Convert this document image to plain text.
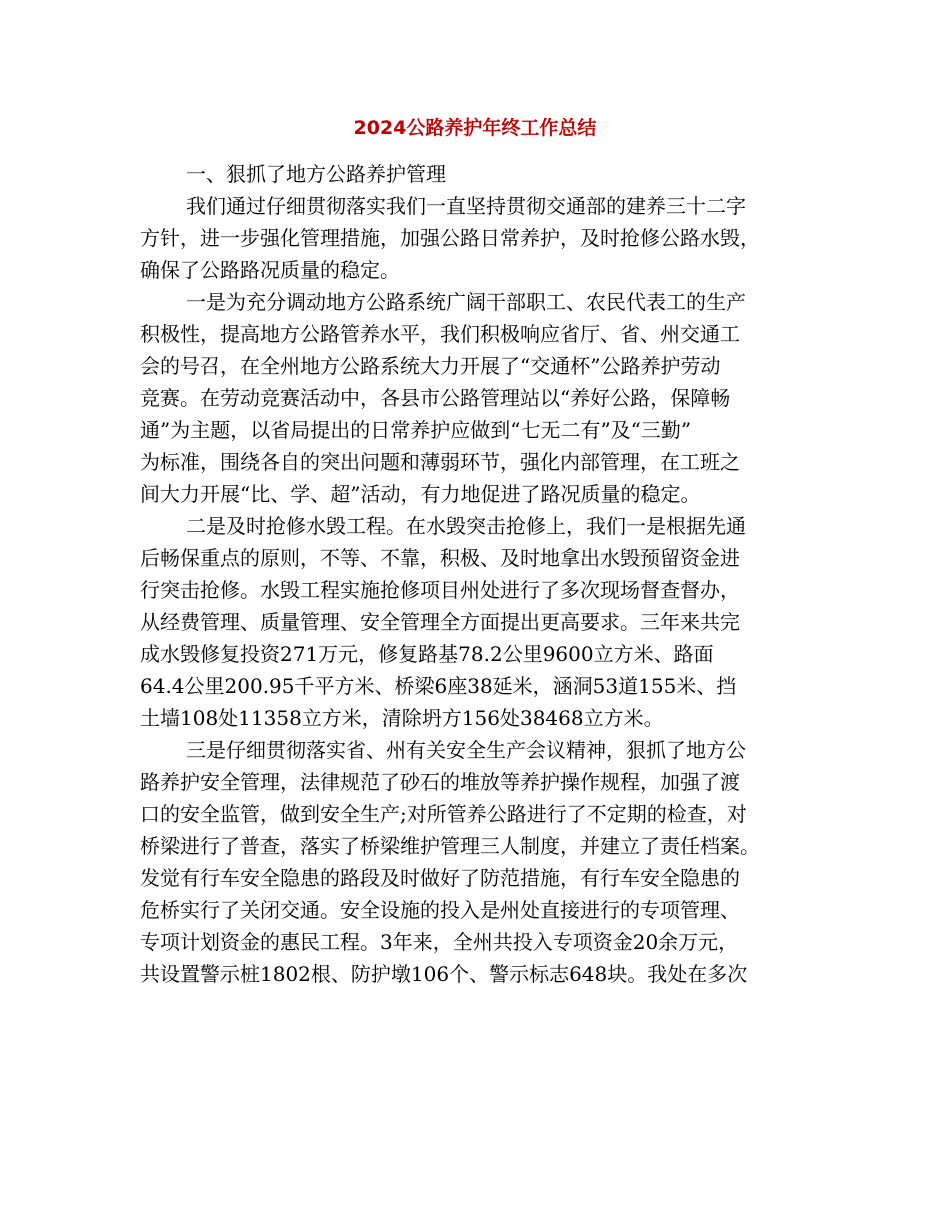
2024公路养护年终工作总结
一、狠抓了地方公路养护管理
我们通过仔细贯彻落实我们一直坚持贯彻交通部的建养三十二字
方针，进一步强化管理措施，加强公路日常养护，及时抢修公路水毁，
确保了公路路况质量的稳定。
一是为充分调动地方公路系统广阔干部职工、农民代表工的生产
积极性，提高地方公路管养水平，我们积极响应省厅、省、州交通工
会的号召，在全州地方公路系统大力开展了“交通杯”公路养护劳动
竞赛。在劳动竞赛活动中，各县市公路管理站以“养好公路，保障畅
通”为主题，以省局提出的日常养护应做到“七无二有”及“三勤”
为标准，围绕各自的突出问题和薄弱环节，强化内部管理，在工班之
间大力开展“比、学、超”活动，有力地促进了路况质量的稳定。
二是及时抢修水毁工程。在水毁突击抢修上，我们一是根据先通
后畅保重点的原则，不等、不靠，积极、及时地拿出水毁预留资金进
行突击抢修。水毁工程实施抢修项目州处进行了多次现场督查督办，
从经费管理、质量管理、安全管理全方面提出更高要求。三年来共完
成水毁修复投资271万元，修复路基78.2公里9600立方米、路面
64.4公里200.95千平方米、桥梁6座38延米，涵洞53道155米、挡
土墙108处11358立方米，清除坍方156处38468立方米。
三是仔细贯彻落实省、州有关安全生产会议精神，狠抓了地方公
路养护安全管理，法律规范了砂石的堆放等养护操作规程，加强了渡
口的安全监管，做到安全生产;对所管养公路进行了不定期的检查，对
桥梁进行了普查，落实了桥梁维护管理三人制度，并建立了责任档案。
发觉有行车安全隐患的路段及时做好了防范措施，有行车安全隐患的
危桥实行了关闭交通。安全设施的投入是州处直接进行的专项管理、
专项计划资金的惠民工程。3年来，全州共投入专项资金20余万元，
共设置警示桩1802根、防护墩106个、警示标志648块。我处在多次
